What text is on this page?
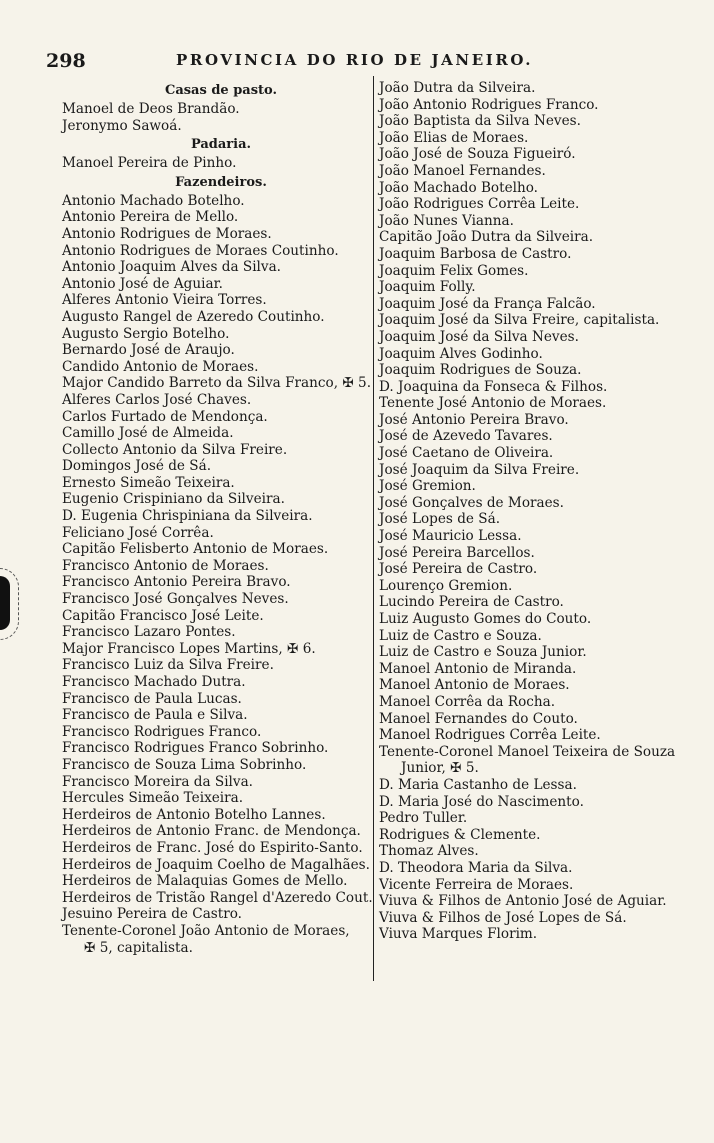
298	PROVINCIA DO RIO DE JANEIRO.
Casas de pasto.
Manoel de Deos Brandão.
Jeronymo Sawoá.
Padaria.
Manoel Pereira de Pinho.
Fazendeiros.
Antonio Machado Botelho.
Antonio Pereira de Mello.
Antonio Rodrigues de Moraes.
Antonio Rodrigues de Moraes Coutinho.
Antonio Joaquim Alves da Silva.
Antonio José de Aguiar.
Alferes Antonio Vieira Torres.
Augusto Rangel de Azeredo Coutinho.
Augusto Sergio Botelho.
Bernardo José de Araujo.
Candido Antonio de Moraes.
Major Candido Barreto da Silva Franco, ✠ 5.
Alferes Carlos José Chaves.
Carlos Furtado de Mendonça.
Camillo José de Almeida.
Collecto Antonio da Silva Freire.
Domingos José de Sá.
Ernesto Simeão Teixeira.
Eugenio Crispiniano da Silveira.
D. Eugenia Chrispiniana da Silveira.
Feliciano José Corrêa.
Capitão Felisberto Antonio de Moraes.
Francisco Antonio de Moraes.
Francisco Antonio Pereira Bravo.
Francisco José Gonçalves Neves.
Capitão Francisco José Leite.
Francisco Lazaro Pontes.
Major Francisco Lopes Martins, ✠ 6.
Francisco Luiz da Silva Freire.
Francisco Machado Dutra.
Francisco de Paula Lucas.
Francisco de Paula e Silva.
Francisco Rodrigues Franco.
Francisco Rodrigues Franco Sobrinho.
Francisco de Souza Lima Sobrinho.
Francisco Moreira da Silva.
Hercules Simeão Teixeira.
Herdeiros de Antonio Botelho Lannes.
Herdeiros de Antonio Franc. de Mendonça.
Herdeiros de Franc. José do Espirito-Santo.
Herdeiros de Joaquim Coelho de Magalhães.
Herdeiros de Malaquias Gomes de Mello.
Herdeiros de Tristão Rangel d'Azeredo Cout.
Jesuino Pereira de Castro.
Tenente-Coronel João Antonio de Moraes,
✠ 5, capitalista.
João Dutra da Silveira.
João Antonio Rodrigues Franco.
João Baptista da Silva Neves.
João Elias de Moraes.
João José de Souza Figueiró.
João Manoel Fernandes.
João Machado Botelho.
João Rodrigues Corrêa Leite.
João Nunes Vianna.
Capitão João Dutra da Silveira.
Joaquim Barbosa de Castro.
Joaquim Felix Gomes.
Joaquim Folly.
Joaquim José da França Falcão.
Joaquim José da Silva Freire, capitalista.
Joaquim José da Silva Neves.
Joaquim Alves Godinho.
Joaquim Rodrigues de Souza.
D. Joaquina da Fonseca & Filhos.
Tenente José Antonio de Moraes.
José Antonio Pereira Bravo.
José de Azevedo Tavares.
José Caetano de Oliveira.
José Joaquim da Silva Freire.
José Gremion.
José Gonçalves de Moraes.
José Lopes de Sá.
José Mauricio Lessa.
José Pereira Barcellos.
José Pereira de Castro.
Lourenço Gremion.
Lucindo Pereira de Castro.
Luiz Augusto Gomes do Couto.
Luiz de Castro e Souza.
Luiz de Castro e Souza Junior.
Manoel Antonio de Miranda.
Manoel Antonio de Moraes.
Manoel Corrêa da Rocha.
Manoel Fernandes do Couto.
Manoel Rodrigues Corrêa Leite.
Tenente-Coronel Manoel Teixeira de Souza
Junior, ✠ 5.
D. Maria Castanho de Lessa.
D. Maria José do Nascimento.
Pedro Tuller.
Rodrigues & Clemente.
Thomaz Alves.
D. Theodora Maria da Silva.
Vicente Ferreira de Moraes.
Viuva & Filhos de Antonio José de Aguiar.
Viuva & Filhos de José Lopes de Sá.
Viuva Marques Florim.
